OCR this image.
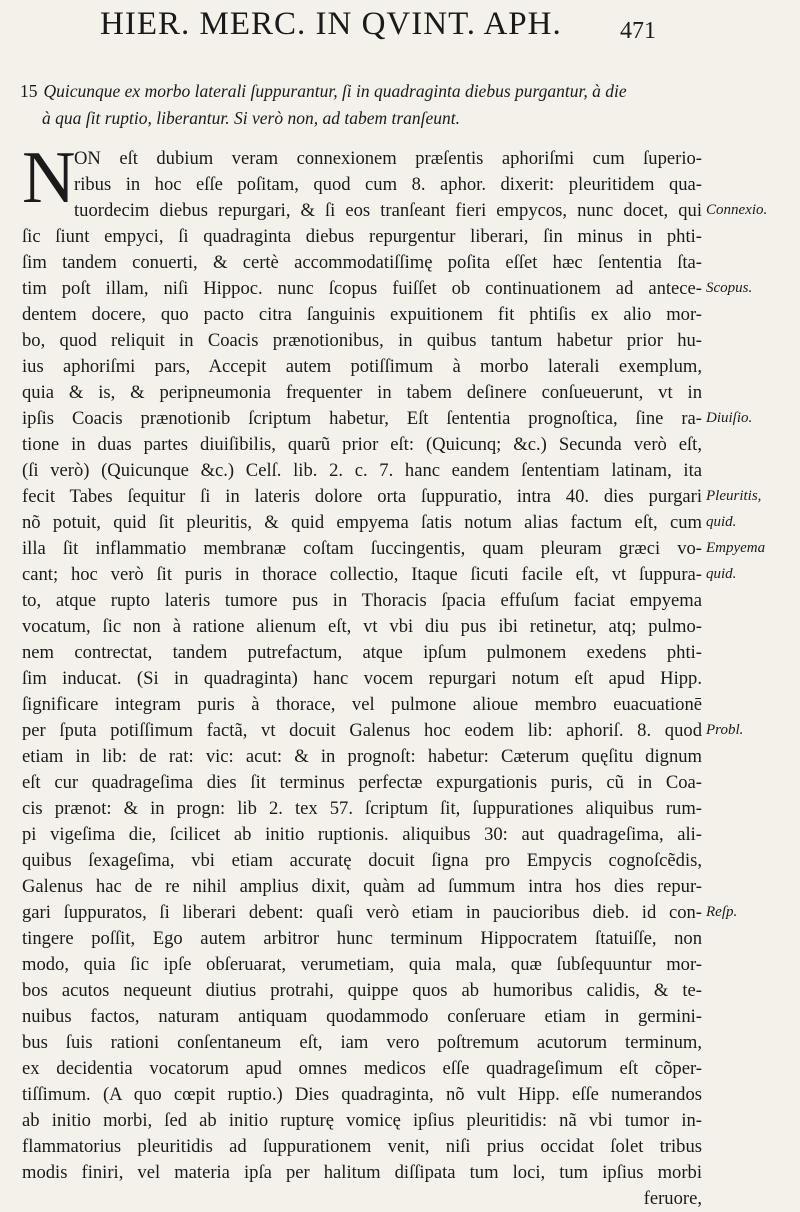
HIER. MERC. IN QVINT. APH. 471
15 Quicunque ex morbo laterali ſuppurantur, ſi in quadraginta diebus purgantur, à die
à qua ſit ruptio, liberantur. Si verò non, ad tabem tranſeunt.
N
ON eſt dubium veram connexionem præſentis aphoriſmi cum ſuperio-
ribus in hoc eſſe poſitam, quod cum 8. aphor. dixerit: pleuritidem qua-
tuordecim diebus repurgari, & ſi eos tranſeant fieri empycos, nunc docet, qui
ſic ſiunt empyci, ſi quadraginta diebus repurgentur liberari, ſin minus in phti-
ſim tandem conuerti, & certè accommodatiſſimę poſita eſſet hæc ſententia ſta-
tim poſt illam, niſi Hippoc. nunc ſcopus fuiſſet ob continuationem ad antece-
dentem docere, quo pacto citra ſanguinis expuitionem fit phtiſis ex alio mor-
bo, quod reliquit in Coacis prænotionibus, in quibus tantum habetur prior hu-
ius aphoriſmi pars, Accepit autem potiſſimum à morbo laterali exemplum,
quia & is, & peripneumonia frequenter in tabem deſinere conſueuerunt, vt in
ipſis Coacis prænotionib ſcriptum habetur, Eſt ſententia prognoſtica, ſine ra-
tione in duas partes diuiſibilis, quarũ prior eſt: (Quicunq; &c.) Secunda verò eſt,
(ſi verò) (Quicunque &c.) Celſ. lib. 2. c. 7. hanc eandem ſententiam latinam, ita
fecit Tabes ſequitur ſi in lateris dolore orta ſuppuratio, intra 40. dies purgari
nõ potuit, quid ſit pleuritis, & quid empyema ſatis notum alias factum eſt, cum
illa ſit inflammatio membranæ coſtam ſuccingentis, quam pleuram græci vo-
cant; hoc verò ſit puris in thorace collectio, Itaque ſicuti facile eſt, vt ſuppura-
to, atque rupto lateris tumore pus in Thoracis ſpacia effuſum faciat empyema
vocatum, ſic non à ratione alienum eſt, vt vbi diu pus ibi retinetur, atq; pulmo-
nem contrectat, tandem putrefactum, atque ipſum pulmonem exedens phti-
ſim inducat. (Si in quadraginta) hanc vocem repurgari notum eſt apud Hipp.
ſignificare integram puris à thorace, vel pulmone alioue membro euacuationē
per ſputa potiſſimum factã, vt docuit Galenus hoc eodem lib: aphoriſ. 8. quod
etiam in lib: de rat: vic: acut: & in prognoſt: habetur: Cæterum quęſitu dignum
eſt cur quadrageſima dies ſit terminus perfectæ expurgationis puris, cũ in Coa-
cis prænot: & in progn: lib 2. tex 57. ſcriptum ſit, ſuppurationes aliquibus rum-
pi vigeſima die, ſcilicet ab initio ruptionis. aliquibus 30: aut quadrageſima, ali-
quibus ſexageſima, vbi etiam accuratę docuit ſigna pro Empycis cognoſcẽdis,
Galenus hac de re nihil amplius dixit, quàm ad ſummum intra hos dies repur-
gari ſuppuratos, ſi liberari debent: quaſi verò etiam in paucioribus dieb. id con-
tingere poſſit, Ego autem arbitror hunc terminum Hippocratem ſtatuiſſe, non
modo, quia ſic ipſe obſeruarat, verumetiam, quia mala, quæ ſubſequuntur mor-
bos acutos nequeunt diutius protrahi, quippe quos ab humoribus calidis, & te-
nuibus factos, naturam antiquam quodammodo conſeruare etiam in germini-
bus ſuis rationi conſentaneum eſt, iam vero poſtremum acutorum terminum,
ex decidentia vocatorum apud omnes medicos eſſe quadrageſimum eſt cõper-
tiſſimum. (A quo cœpit ruptio.) Dies quadraginta, nõ vult Hipp. eſſe numerandos
ab initio morbi, ſed ab initio rupturę vomicę ipſius pleuritidis: nã vbi tumor in-
flammatorius pleuritidis ad ſuppurationem venit, niſi prius occidat ſolet tribus
modis finiri, vel materia ipſa per halitum diſſipata tum loci, tum ipſius morbi
feruore,
Connexio.
Scopus.
Diuiſio.
Pleuritis,
quid.
Empyema
quid.
Probl.
Reſp.
